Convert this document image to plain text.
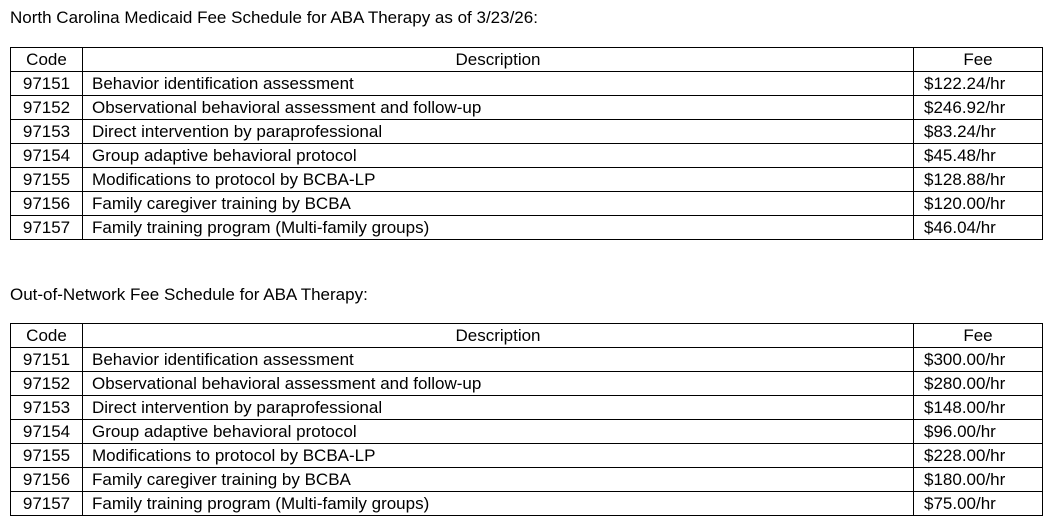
North Carolina Medicaid Fee Schedule for ABA Therapy as of 3/23/26:
Code	Description	Fee
97151	Behavior identification assessment	$122.24/hr
97152	Observational behavioral assessment and follow-up	$246.92/hr
97153	Direct intervention by paraprofessional	$83.24/hr
97154	Group adaptive behavioral protocol	$45.48/hr
97155	Modifications to protocol by BCBA-LP	$128.88/hr
97156	Family caregiver training by BCBA	$120.00/hr
97157	Family training program (Multi-family groups)	$46.04/hr
Out-of-Network Fee Schedule for ABA Therapy:
Code	Description	Fee
97151	Behavior identification assessment	$300.00/hr
97152	Observational behavioral assessment and follow-up	$280.00/hr
97153	Direct intervention by paraprofessional	$148.00/hr
97154	Group adaptive behavioral protocol	$96.00/hr
97155	Modifications to protocol by BCBA-LP	$228.00/hr
97156	Family caregiver training by BCBA	$180.00/hr
97157	Family training program (Multi-family groups)	$75.00/hr
